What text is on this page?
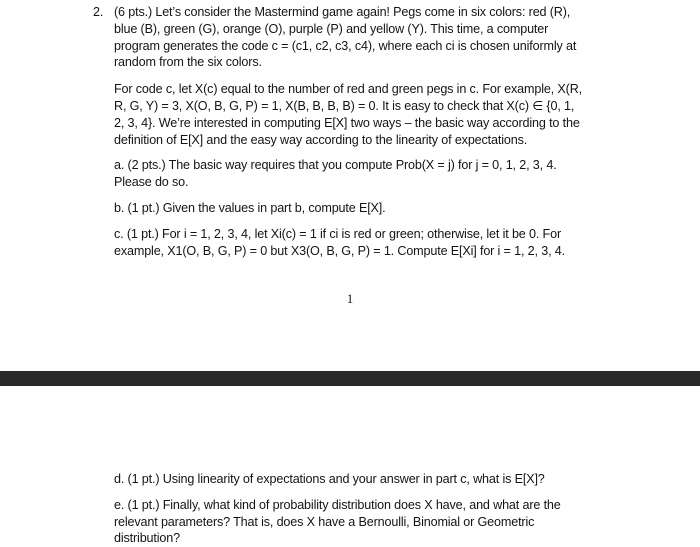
2. (6 pts.) Let’s consider the Mastermind game again! Pegs come in six colors: red (R), blue (B), green (G), orange (O), purple (P) and yellow (Y). This time, a computer program generates the code c = (c1, c2, c3, c4), where each ci is chosen uniformly at random from the six colors.

For code c, let X(c) equal to the number of red and green pegs in c. For example, X(R, R, G, Y) = 3, X(O, B, G, P) = 1, X(B, B, B, B) = 0. It is easy to check that X(c) ∈ {0, 1, 2, 3, 4}. We’re interested in computing E[X] two ways – the basic way according to the definition of E[X] and the easy way according to the linearity of expectations.

a. (2 pts.) The basic way requires that you compute Prob(X = j) for j = 0, 1, 2, 3, 4. Please do so.

b. (1 pt.) Given the values in part b, compute E[X].

c. (1 pt.) For i = 1, 2, 3, 4, let Xi(c) = 1 if ci is red or green; otherwise, let it be 0. For example, X1(O, B, G, P) = 0 but X3(O, B, G, P) = 1. Compute E[Xi] for i = 1, 2, 3, 4.

1

d. (1 pt.) Using linearity of expectations and your answer in part c, what is E[X]?

e. (1 pt.) Finally, what kind of probability distribution does X have, and what are the relevant parameters? That is, does X have a Bernoulli, Binomial or Geometric distribution?
